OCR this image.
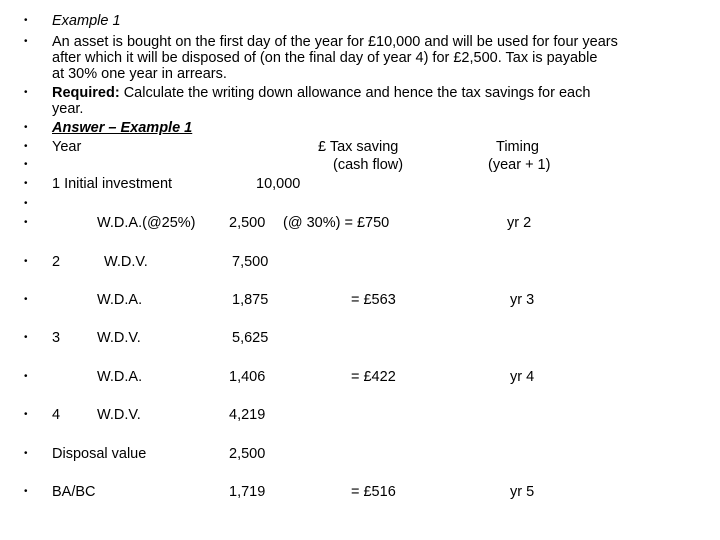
•
•
•
•
•
•
•
•
•
•
•
•
•
•
•
•
Example 1
An asset is bought on the first day of the year for £10,000 and will be used for four years
after which it will be disposed of (on the final day of year 4) for £2,500. Tax is payable
at 30% one year in arrears.
Required: Calculate the writing down allowance and hence the tax savings for each
year.
Answer – Example 1
Year	£ Tax saving	Timing
(cash flow)	(year + 1)
1 Initial investment	10,000
W.D.A.(@25%) 2,500 (@ 30%) = £750	yr 2
2	W.D.V.	7,500
W.D.A.	1,875	= £563	yr 3
3	W.D.V.	5,625
W.D.A.	1,406	= £422	yr 4
4	W.D.V.	4,219
Disposal value	2,500
BA/BC	1,719	= £516	yr 5
